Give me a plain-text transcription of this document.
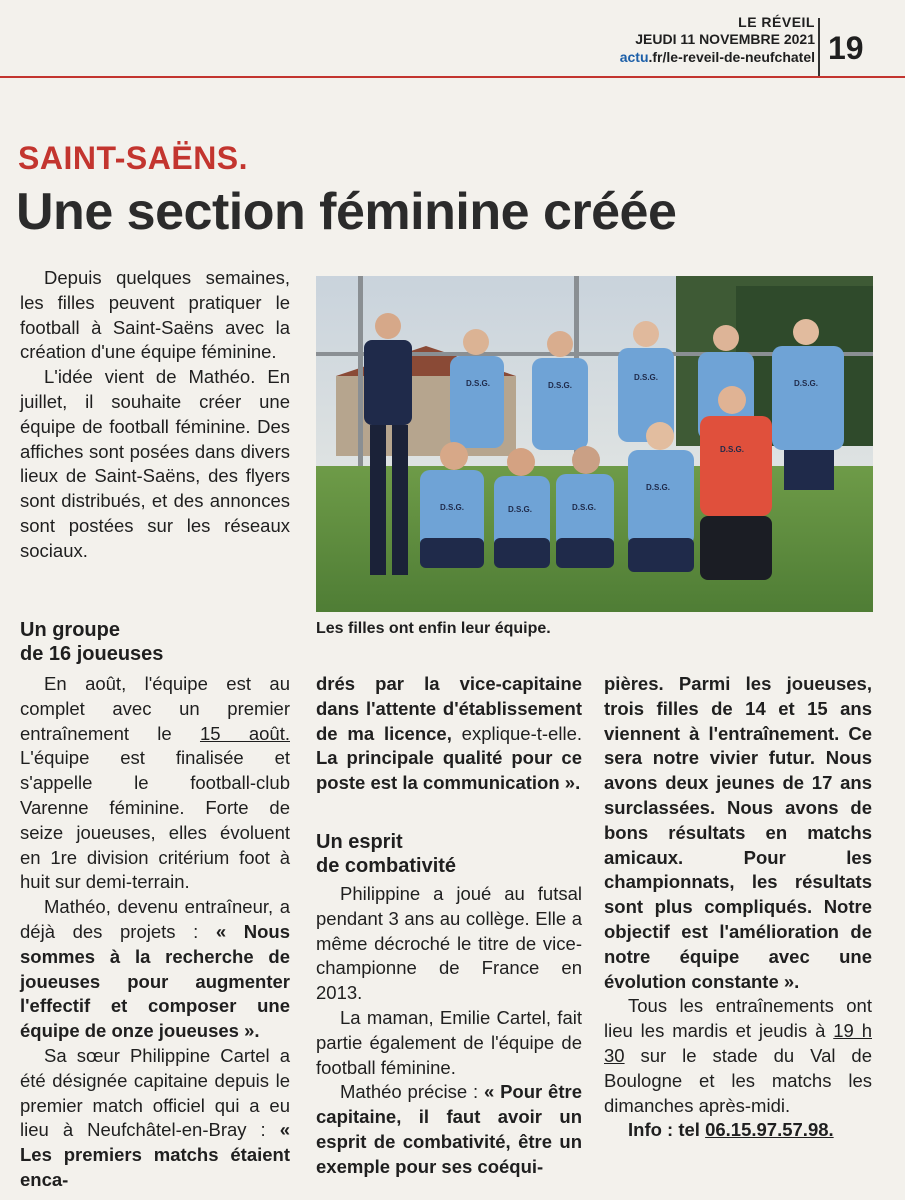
LE RÉVEIL
JEUDI 11 NOVEMBRE 2021
actu.fr/le-reveil-de-neufchatel 19
SAINT-SAËNS.
Une section féminine créée

Depuis quelques semaines, les filles peuvent pratiquer le football à Saint-Saëns avec la création d'une équipe féminine.

L'idée vient de Mathéo. En juillet, il souhaite créer une équipe de football féminine. Des affiches sont posées dans divers lieux de Saint-Saëns, des flyers sont distribués, et des annonces sont postées sur les réseaux sociaux.

Un groupe
de 16 joueuses

En août, l'équipe est au complet avec un premier entraînement le 15 août. L'équipe est finalisée et s'appelle le football-club Varenne féminine. Forte de seize joueuses, elles évoluent en 1re division critérium foot à huit sur demi-terrain.

Mathéo, devenu entraîneur, a déjà des projets : « Nous sommes à la recherche de joueuses pour augmenter l'effectif et composer une équipe de onze joueuses ».

Sa sœur Philippine Cartel a été désignée capitaine depuis le premier match officiel qui a eu lieu à Neufchâtel-en-Bray : « Les premiers matchs étaient enca-

D.S.G.	D.S.G.
D.S.G.
D.S.G.
D.S.G.	D.S.G.	D.S.G.
D.S.G.
D.S.G.
Les filles ont enfin leur équipe.

drés par la vice-capitaine dans l'attente d'établissement de ma licence, explique-t-elle. La principale qualité pour ce poste est la communication ».

Un esprit
de combativité

Philippine a joué au futsal pendant 3 ans au collège. Elle a même décroché le titre de vice-championne de France en 2013.

La maman, Emilie Cartel, fait partie également de l'équipe de football féminine.

Mathéo précise : « Pour être capitaine, il faut avoir un esprit de combativité, être un exemple pour ses coéqui-

pières. Parmi les joueuses, trois filles de 14 et 15 ans viennent à l'entraînement. Ce sera notre vivier futur. Nous avons deux jeunes de 17 ans surclassées. Nous avons de bons résultats en matchs amicaux. Pour les championnats, les résultats sont plus compliqués. Notre objectif est l'amélioration de notre équipe avec une évolution constante ».

Tous les entraînements ont lieu les mardis et jeudis à 19 h 30 sur le stade du Val de Boulogne et les matchs les dimanches après-midi.

Info : tel 06.15.97.57.98.
